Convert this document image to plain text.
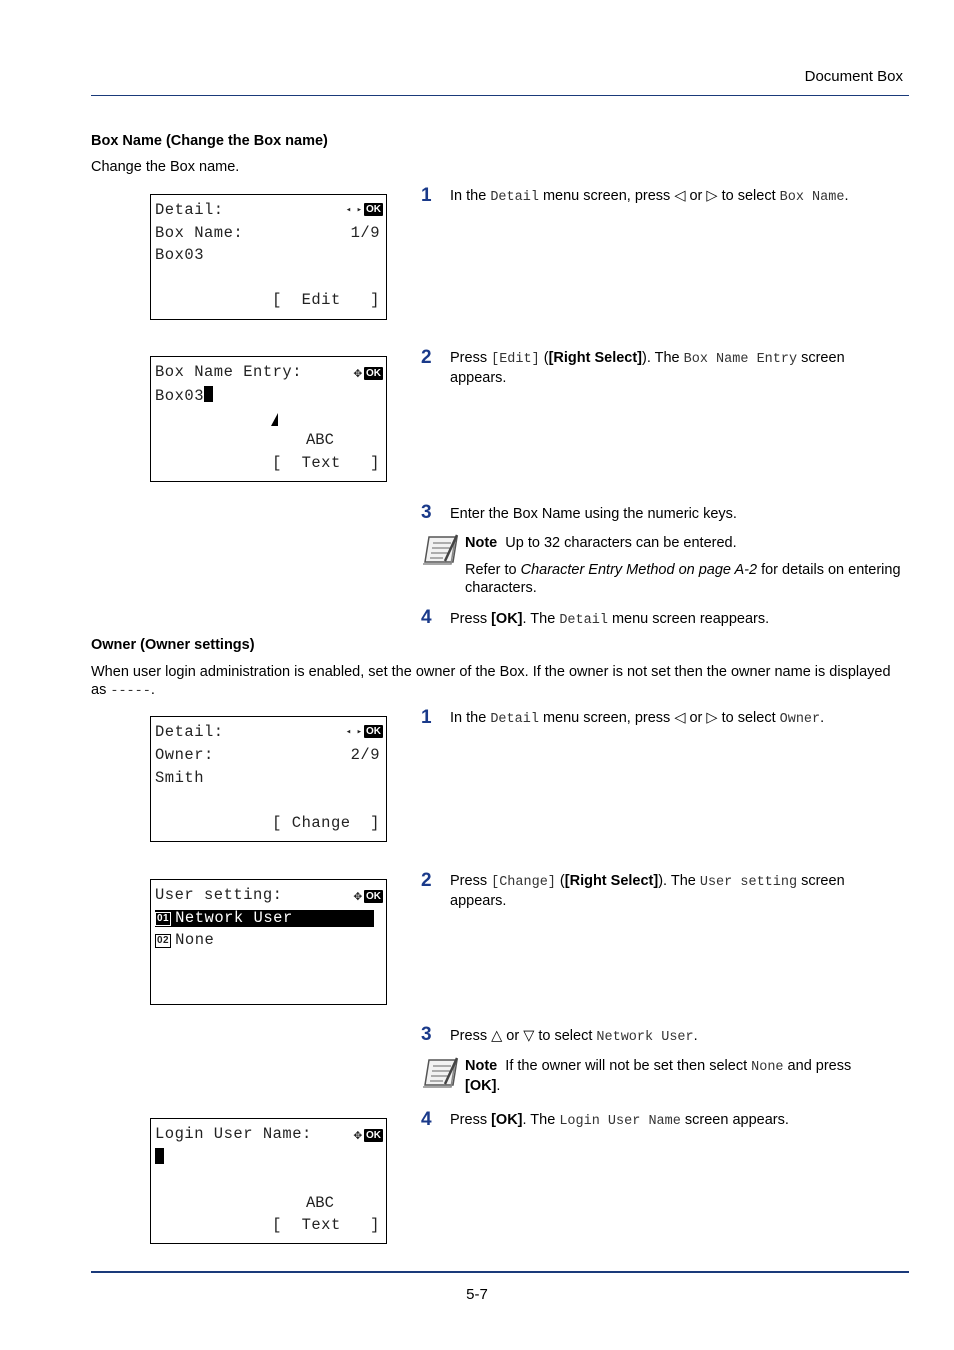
Document Box
Box Name (Change the Box name)
Change the Box name.
Detail:	◂ ▸ OK
Box Name:	1/9
Box03
[  Edit   ]
1 In the Detail menu screen, press ◁ or ▷ to select Box Name.
Box Name Entry:	✥ OK
Box03
ABC
[  Text   ]
2 Press [Edit] ([Right Select]). The Box Name Entry screen appears.
3 Enter the Box Name using the numeric keys.
Note Up to 32 characters can be entered.
Refer to Character Entry Method on page A-2 for details on entering characters.
4 Press [OK]. The Detail menu screen reappears.
Owner (Owner settings)
When user login administration is enabled, set the owner of the Box. If the owner is not set then the owner name is displayed as -----.
Detail:	◂ ▸ OK
Owner:	2/9
Smith
[ Change  ]
1 In the Detail menu screen, press ◁ or ▷ to select Owner.
User setting:	✥ OK
01 Network User
02 None
2 Press [Change] ([Right Select]). The User setting screen appears.
3 Press △ or ▽ to select Network User.
Note If the owner will not be set then select None and press
[OK].
Login User Name:	✥ OK
ABC
[  Text   ]
4 Press [OK]. The Login User Name screen appears.
5-7
